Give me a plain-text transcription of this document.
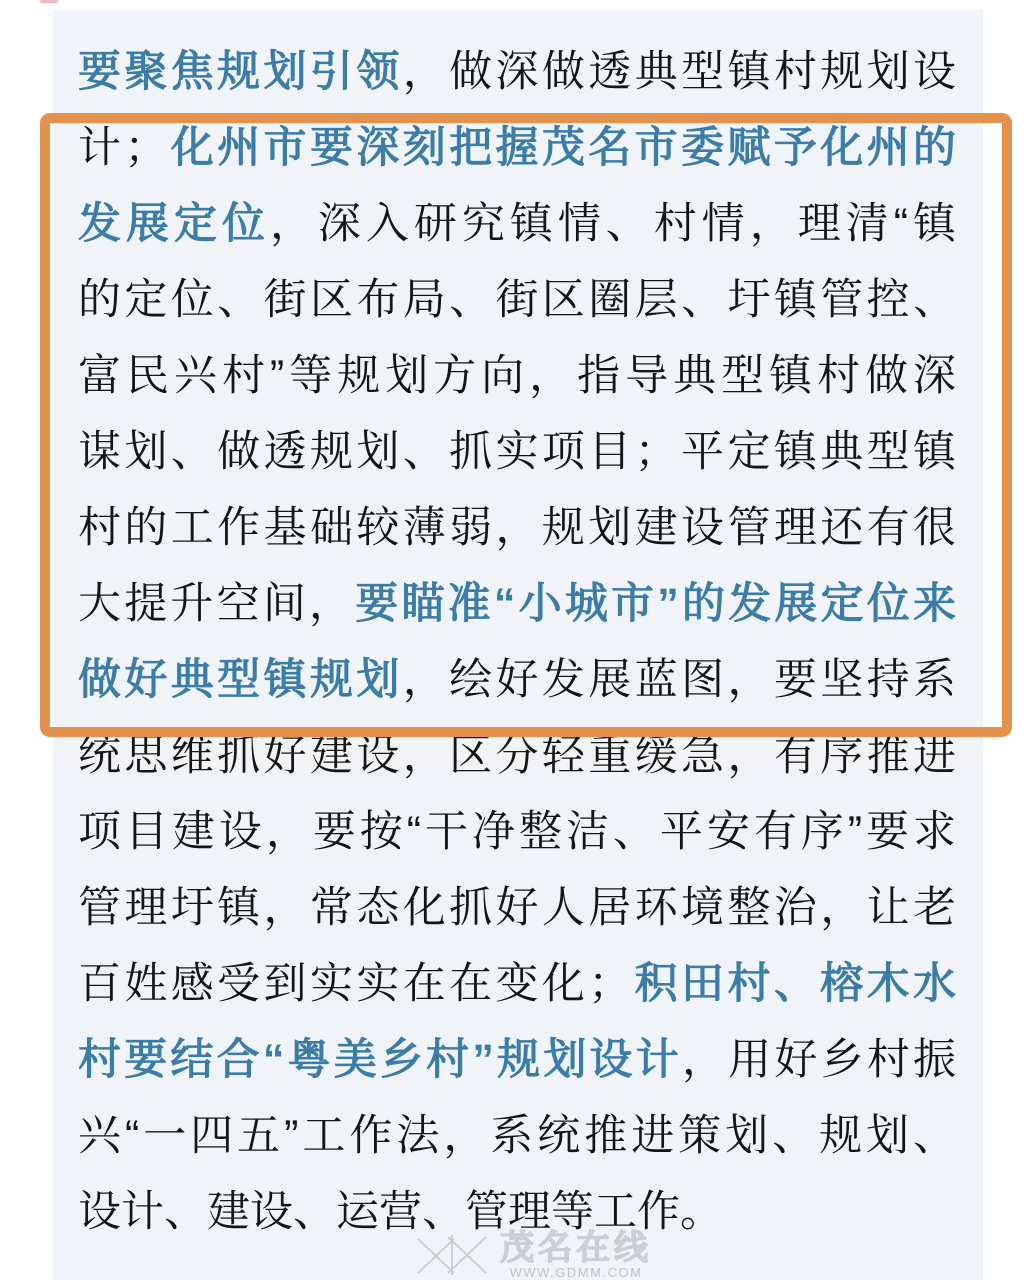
要聚焦规划引领，做深做透典型镇村规划设
计；化州市要深刻把握茂名市委赋予化州的
发展定位，深入研究镇情、村情，理清“镇
的定位、街区布局、街区圈层、圩镇管控、
富民兴村”等规划方向，指导典型镇村做深
谋划、做透规划、抓实项目；平定镇典型镇
村的工作基础较薄弱，规划建设管理还有很
大提升空间，要瞄准“小城市”的发展定位来
做好典型镇规划，绘好发展蓝图，要坚持系
统思维抓好建设，区分轻重缓急，有序推进
项目建设，要按“干净整洁、平安有序”要求
管理圩镇，常态化抓好人居环境整治，让老
百姓感受到实实在在变化；积田村、榕木水
村要结合“粤美乡村”规划设计，用好乡村振
兴“一四五”工作法，系统推进策划、规划、
设计、建设、运营、管理等工作。
茂名在线
WWW.GDMM.COM
